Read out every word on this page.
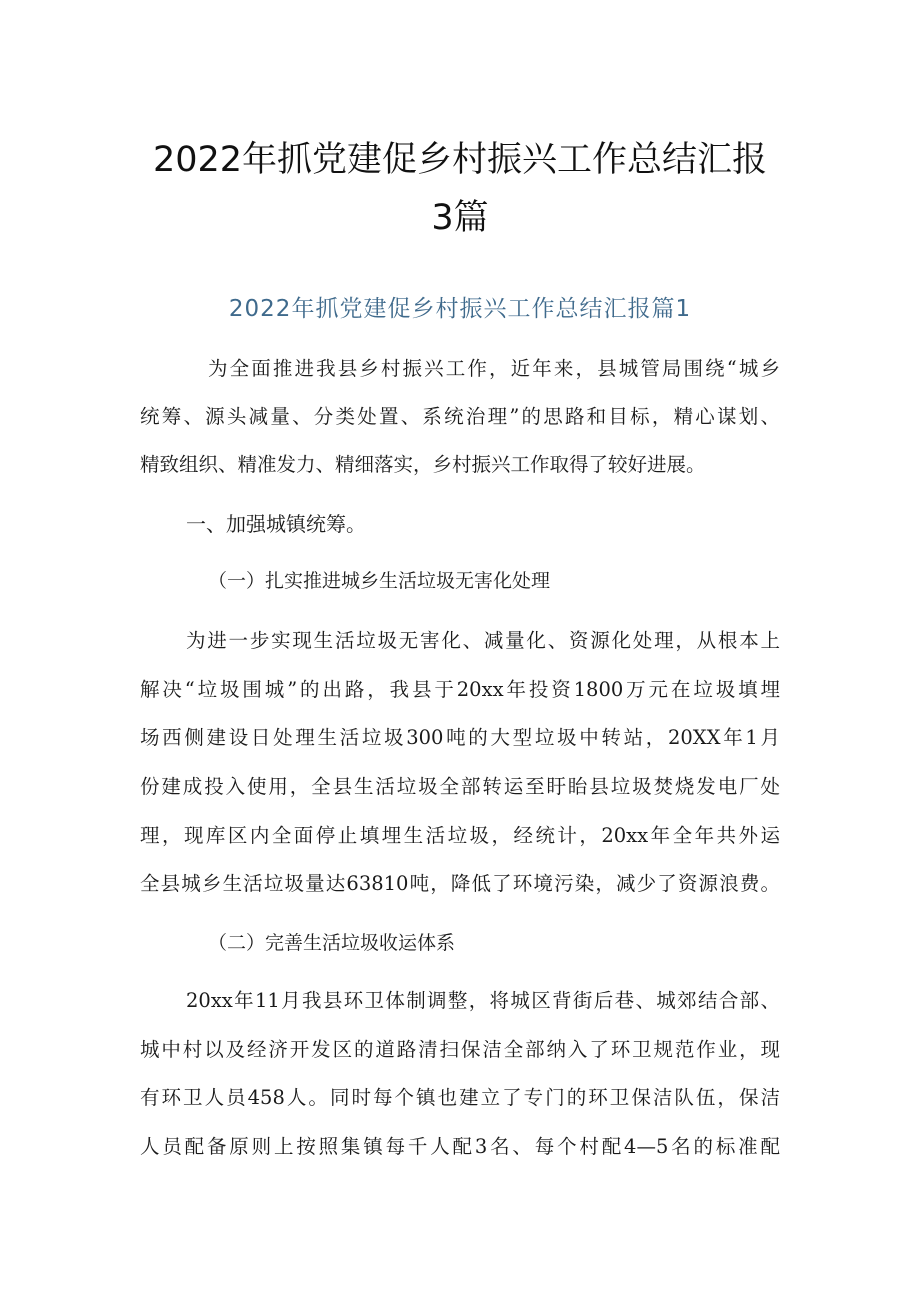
2022年抓党建促乡村振兴工作总结汇报
3篇
2022年抓党建促乡村振兴工作总结汇报篇1
为全面推进我县乡村振兴工作，近年来，县城管局围绕“城乡
统筹、源头减量、分类处置、系统治理”的思路和目标，精心谋划、
精致组织、精准发力、精细落实，乡村振兴工作取得了较好进展。
一、加强城镇统筹。
（一）扎实推进城乡生活垃圾无害化处理
为进一步实现生活垃圾无害化、减量化、资源化处理，从根本上
解决“垃圾围城”的出路，我县于20xx年投资1800万元在垃圾填埋
场西侧建设日处理生活垃圾300吨的大型垃圾中转站，20XX年1月
份建成投入使用，全县生活垃圾全部转运至盱眙县垃圾焚烧发电厂处
理，现库区内全面停止填埋生活垃圾，经统计，20xx年全年共外运
全县城乡生活垃圾量达63810吨，降低了环境污染，减少了资源浪费。
（二）完善生活垃圾收运体系
20xx年11月我县环卫体制调整，将城区背街后巷、城郊结合部、
城中村以及经济开发区的道路清扫保洁全部纳入了环卫规范作业，现
有环卫人员458人。同时每个镇也建立了专门的环卫保洁队伍，保洁
人员配备原则上按照集镇每千人配3名、每个村配4—5名的标准配
